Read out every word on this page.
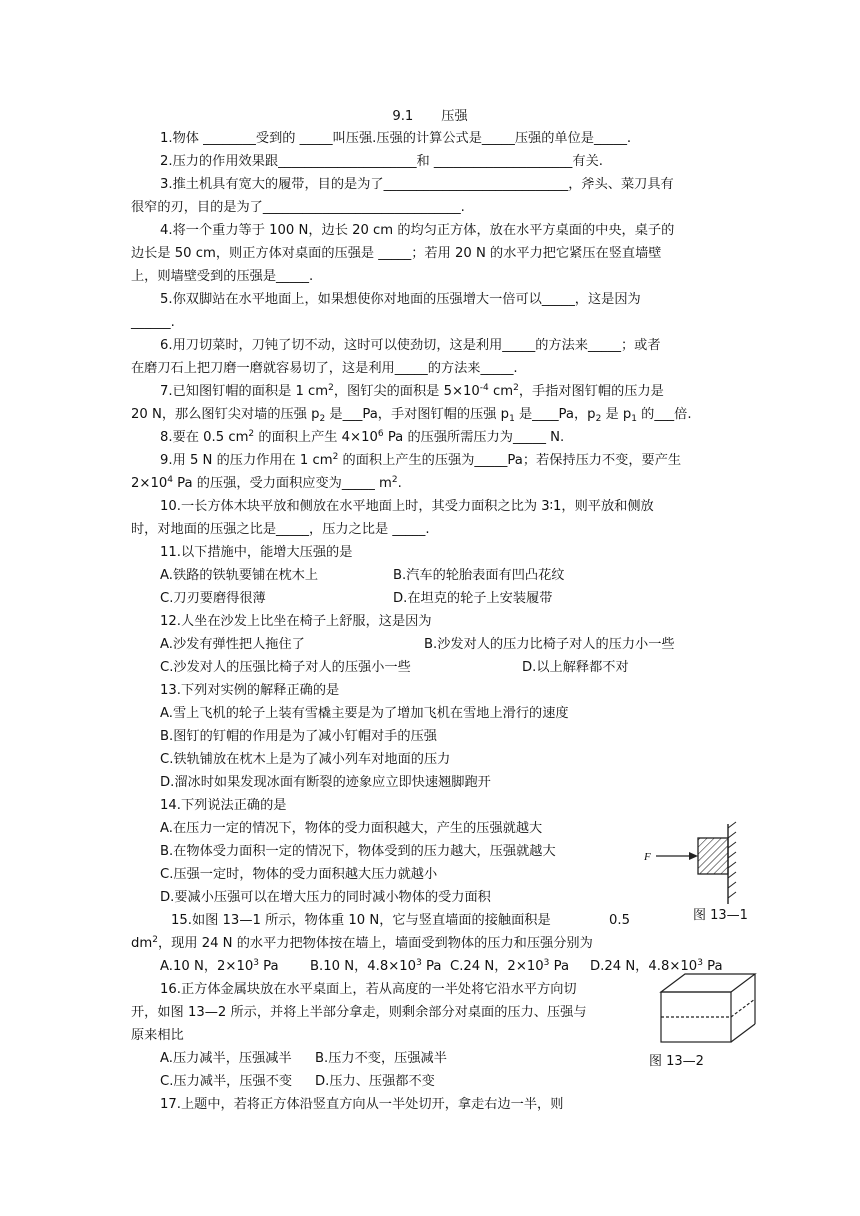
9.1 压强
1.物体 ________受到的 _____叫压强.压强的计算公式是_____压强的单位是_____.
2.压力的作用效果跟_____________________和 _____________________有关.
3.推土机具有宽大的履带，目的是为了____________________________，斧头、菜刀具有
很窄的刃，目的是为了______________________________.
4.将一个重力等于 100 N，边长 20 cm 的均匀正方体，放在水平方桌面的中央，桌子的
边长是 50 cm，则正方体对桌面的压强是 _____；若用 20 N 的水平力把它紧压在竖直墙壁
上，则墙壁受到的压强是_____.
5.你双脚站在水平地面上，如果想使你对地面的压强增大一倍可以_____，这是因为
______.
6.用刀切菜时，刀钝了切不动，这时可以使劲切，这是利用_____的方法来_____；或者
在磨刀石上把刀磨一磨就容易切了，这是利用_____的方法来_____.
7.已知图钉帽的面积是 1 $cm^2$，图钉尖的面积是 $5\times 10^{-4}$ $cm^2$，手指对图钉帽的压力是
20 N，那么图钉尖对墙的压强 $p_2$ 是___Pa，手对图钉帽的压强 $p_1$ 是____Pa，$p_2$ 是 $p_1$ 的___倍.
8.要在 0.5 $cm^2$ 的面积上产生 $4\times 10^6$ Pa 的压强所需压力为_____ N.
9.用 5 N 的压力作用在 1 $cm^2$ 的面积上产生的压强为_____Pa；若保持压力不变，要产生
$2\times 10^4$ Pa 的压强，受力面积应变为_____ $m^2$.
10.一长方体木块平放和侧放在水平地面上时，其受力面积之比为 3∶1，则平放和侧放
时，对地面的压强之比是_____，压力之比是 _____.
11.以下措施中，能增大压强的是
A.铁路的铁轨要铺在枕木上	B.汽车的轮胎表面有凹凸花纹
C.刀刃要磨得很薄	D.在坦克的轮子上安装履带
12.人坐在沙发上比坐在椅子上舒服，这是因为
A.沙发有弹性把人拖住了	B.沙发对人的压力比椅子对人的压力小一些
C.沙发对人的压强比椅子对人的压强小一些	D.以上解释都不对
13.下列对实例的解释正确的是
A.雪上飞机的轮子上装有雪橇主要是为了增加飞机在雪地上滑行的速度
B.图钉的钉帽的作用是为了减小钉帽对手的压强
C.铁轨铺放在枕木上是为了减小列车对地面的压力
D.溜冰时如果发现冰面有断裂的迹象应立即快速翘脚跑开
14.下列说法正确的是
A.在压力一定的情况下，物体的受力面积越大，产生的压强就越大
B.在物体受力面积一定的情况下，物体受到的压力越大，压强就越大
C.压强一定时，物体的受力面积越大压力就越小
D.要减小压强可以在增大压力的同时减小物体的受力面积
15.如图 13—1 所示，物体重 10 N，它与竖直墙面的接触面积是	0.5
$dm^2$，现用 24 N 的水平力把物体按在墙上，墙面受到物体的压力和压强分别为
A.10 N，$2\times 10^3$ Pa B.10 N，$4.8\times 10^3$ Pa C.24 N，$2\times 10^3$ Pa D.24 N，$4.8\times 10^3$ Pa
16.正方体金属块放在水平桌面上，若从高度的一半处将它沿水平方向切
开，如图 13—2 所示，并将上半部分拿走，则剩余部分对桌面的压力、压强与
原来相比
A.压力减半，压强减半 B.压力不变，压强减半
C.压力减半，压强不变 D.压力、压强都不变
17.上题中，若将正方体沿竖直方向从一半处切开，拿走右边一半，则
F
图 13—1
图 13—2
